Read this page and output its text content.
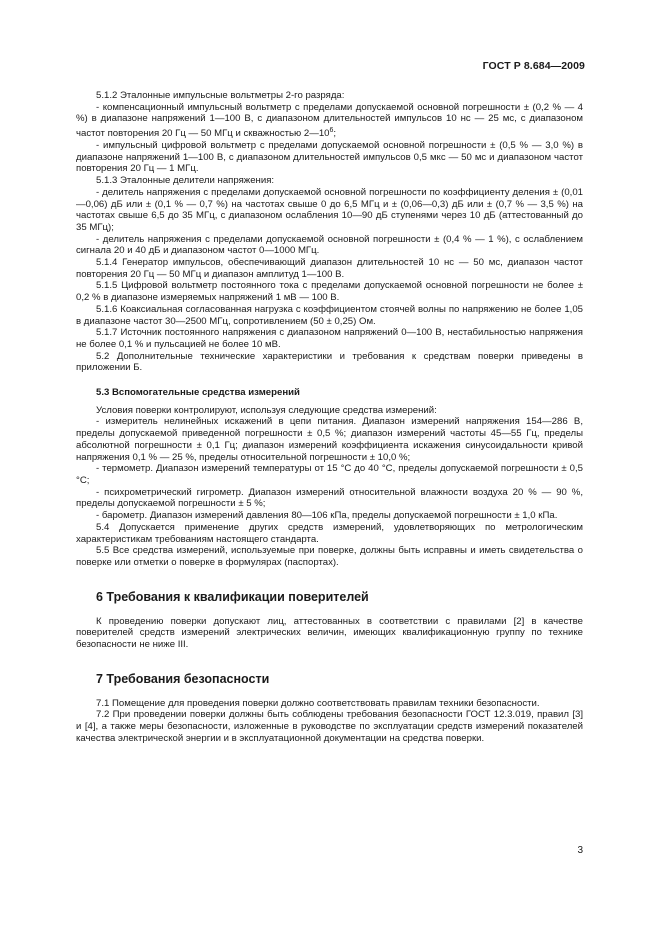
ГОСТ Р 8.684—2009

5.1.2 Эталонные импульсные вольтметры 2-го разряда:

- компенсационный импульсный вольтметр с пределами допускаемой основной погрешности ± (0,2 % — 4 %) в диапазоне напряжений 1—100 В, с диапазоном длительностей импульсов 10 нс — 25 мс, с диапазоном частот повторения 20 Гц — 50 МГц и скважностью $2—10^6$;

- импульсный цифровой вольтметр с пределами допускаемой основной погрешности ± (0,5 % — 3,0 %) в диапазоне напряжений 1—100 В, с диапазоном длительностей импульсов 0,5 мкс — 50 мс и диапазоном частот повторения 20 Гц — 1 МГц.

5.1.3 Эталонные делители напряжения:

- делитель напряжения с пределами допускаемой основной погрешности по коэффициенту деления ± (0,01—0,06) дБ или ± (0,1 % — 0,7 %) на частотах свыше 0 до 6,5 МГц и ± (0,06—0,3) дБ или ± (0,7 % — 3,5 %) на частотах свыше 6,5 до 35 МГц, с диапазоном ослабления 10—90 дБ ступенями через 10 дБ (аттестованный до 35 МГц);

- делитель напряжения с пределами допускаемой основной погрешности ± (0,4 % — 1 %), с ослаблением сигнала 20 и 40 дБ и диапазоном частот 0—1000 МГц.

5.1.4 Генератор импульсов, обеспечивающий диапазон длительностей 10 нс — 50 мс, диапазон частот повторения 20 Гц — 50 МГц и диапазон амплитуд 1—100 В.

5.1.5 Цифровой вольтметр постоянного тока с пределами допускаемой основной погрешности не более ± 0,2 % в диапазоне измеряемых напряжений 1 мВ — 100 В.

5.1.6 Коаксиальная согласованная нагрузка с коэффициентом стоячей волны по напряжению не более 1,05 в диапазоне частот 30—2500 МГц, сопротивлением (50 ± 0,25) Ом.

5.1.7 Источник постоянного напряжения с диапазоном напряжений 0—100 В, нестабильностью напряжения не более 0,1 % и пульсацией не более 10 мВ.

5.2 Дополнительные технические характеристики и требования к средствам поверки приведены в приложении Б.

5.3 Вспомогательные средства измерений

Условия поверки контролируют, используя следующие средства измерений:

- измеритель нелинейных искажений в цепи питания. Диапазон измерений напряжения 154—286 В, пределы допускаемой приведенной погрешности ± 0,5 %; диапазон измерений частоты 45—55 Гц, пределы абсолютной погрешности ± 0,1 Гц; диапазон измерений коэффициента искажения синусоидальности кривой напряжения 0,1 % — 25 %, пределы относительной погрешности ± 10,0 %;

- термометр. Диапазон измерений температуры от 15 °С до 40 °С, пределы допускаемой погрешности ± 0,5 °С;

- психрометрический гигрометр. Диапазон измерений относительной влажности воздуха 20 % — 90 %, пределы допускаемой погрешности ± 5 %;

- барометр. Диапазон измерений давления 80—106 кПа, пределы допускаемой погрешности ± 1,0 кПа.

5.4 Допускается применение других средств измерений, удовлетворяющих по метрологическим характеристикам требованиям настоящего стандарта.

5.5 Все средства измерений, используемые при поверке, должны быть исправны и иметь свидетельства о поверке или отметки о поверке в формулярах (паспортах).

6 Требования к квалификации поверителей

К проведению поверки допускают лиц, аттестованных в соответствии с правилами [2] в качестве поверителей средств измерений электрических величин, имеющих квалификационную группу по технике безопасности не ниже III.

7 Требования безопасности

7.1 Помещение для проведения поверки должно соответствовать правилам техники безопасности.

7.2 При проведении поверки должны быть соблюдены требования безопасности ГОСТ 12.3.019, правил [3] и [4], а также меры безопасности, изложенные в руководстве по эксплуатации средств измерений показателей качества электрической энергии и в эксплуатационной документации на средства поверки.

3
